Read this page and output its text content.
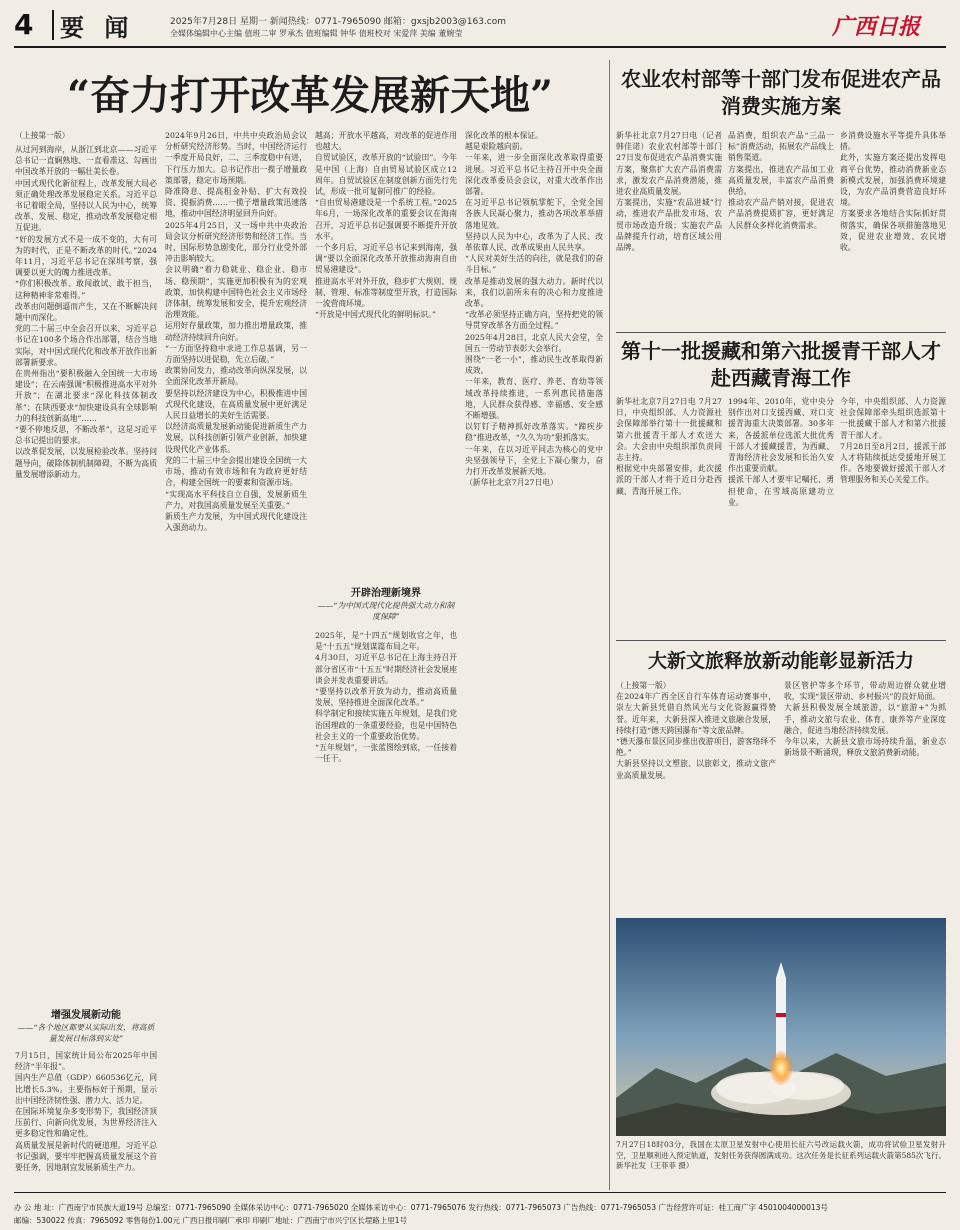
4	要 闻	2025年7月28日 星期一 新闻热线：0771-7965090 邮箱：gxsjb2003@163.com
全媒体编辑中心主编 值班二审 罗承杰 值班编辑 钟华 值班校对 宋爱萍 美编 董婉莹	广西日报
“奋力打开改革发展新天地”
（上接第一版）
从过河到海岸，从浙江到北京——习近平总书记一直娴熟地、一直看准这、勾画出中国改革开放的一幅壮美长卷。
中国式现代化新征程上，改革发展大局必须正确处理改革发展稳定关系。习近平总书记着眼全局，坚持以人民为中心，统筹改革、发展、稳定，推动改革发展稳定相互促进。
“好的发展方式不是一成不变的，大有可为的时代，正是不断改革的时代。”2024年11月，习近平总书记在深圳考察，强调要以更大的魄力推进改革。
“你们积极改革、敢闯敢试、敢于担当，这种精神非常难得。”
改革由问题倒逼而产生，又在不断解决问题中而深化。
党的二十届三中全会召开以来，习近平总书记在100多个场合作出部署，结合当地实际，对中国式现代化和改革开放作出新部署新要求。
在贵州指出“要积极融入全国统一大市场建设”；在云南强调“积极推进高水平对外开放”；在湖北要求“深化科技体制改革”；在陕西要求“加快建设具有全球影响力的科技创新高地”……
“要不停地反思，不断改革”，这是习近平总书记提出的要求。
以改革促发展，以发展检验改革。坚持问题导向，破除体制机制障碍，不断为高质量发展增添新动力。
增强发展新动能
——“各个地区都要从实际出发，将高质量发展目标落到实处”
7月15日，国家统计局公布2025年中国经济“半年报”。
国内生产总值（GDP）660536亿元，同比增长5.3%。主要指标好于预期，显示出中国经济韧性强、潜力大、活力足。
在国际环境复杂多变形势下，我国经济顶压前行、向新向优发展，为世界经济注入更多稳定性和确定性。
高质量发展是新时代的硬道理。习近平总书记强调，要牢牢把握高质量发展这个首要任务，因地制宜发展新质生产力。
2024年9月26日，中共中央政治局会议分析研究经济形势。当时，中国经济运行一季度开局良好，二、三季度稳中有进，下行压力加大。总书记作出一揽子增量政策部署，稳定市场预期。
降准降息、提高租金补贴、扩大有效投资、提振消费……一揽子增量政策迅速落地，推动中国经济明显回升向好。
2025年4月25日，又一场中共中央政治局会议分析研究经济形势和经济工作。当时，国际形势急剧变化，部分行业受外部冲击影响较大。
会议明确“着力稳就业、稳企业、稳市场、稳预期”，实施更加积极有为的宏观政策，加快构建中国特色社会主义市场经济体制，统筹发展和安全，提升宏观经济治理效能。
运用好存量政策，加力推出增量政策，推动经济持续回升向好。
“一方面坚持稳中求进工作总基调，另一方面坚持以进促稳，先立后破。”
政策协同发力，推动改革向纵深发展，以全面深化改革开新局。
要坚持以经济建设为中心，积极推进中国式现代化建设，在高质量发展中更好满足人民日益增长的美好生活需要。
以经济高质量发展新动能促进新质生产力发展，以科技创新引领产业创新，加快建设现代化产业体系。
党的二十届三中全会提出建设全国统一大市场，推动有效市场和有为政府更好结合，构建全国统一的要素和资源市场。
“实现高水平科技自立自强，发展新质生产力，对我国高质量发展至关重要。”
新质生产力发展，为中国式现代化建设注入强劲动力。
越高；开放水平越高，对改革的促进作用也越大。
自贸试验区，改革开放的“试验田”。今年是中国（上海）自由贸易试验区成立12周年。自贸试验区在制度创新方面先行先试，形成一批可复制可推广的经验。
“自由贸易港建设是一个系统工程。”2025年6月，一场深化改革的重要会议在海南召开，习近平总书记强调要不断提升开放水平。
一个多月后，习近平总书记来到海南，强调“要以全面深化改革开放推动海南自由贸易港建设”。
推进高水平对外开放，稳步扩大规则、规制、管理、标准等制度型开放，打造国际一流营商环境。
“开放是中国式现代化的鲜明标识。”
开辟治理新境界
——“为中国式现代化提供强大动力和制度保障”
2025年，是“十四五”规划收官之年，也是“十五五”规划谋篇布局之年。
4月30日，习近平总书记在上海主持召开部分省区市“十五五”时期经济社会发展座谈会并发表重要讲话。
“要坚持以改革开放为动力，推动高质量发展，坚持推进全面深化改革。”
科学制定和接续实施五年规划，是我们党治国理政的一条重要经验，也是中国特色社会主义的一个重要政治优势。
“五年规划”，一张蓝图绘到底，一任接着一任干。
深化改革的根本保证。
越是艰险越向前。
一年来，进一步全面深化改革取得重要进展。习近平总书记主持召开中央全面深化改革委员会会议，对重大改革作出部署。
在习近平总书记领航掌舵下，全党全国各族人民凝心聚力，推动各项改革举措落地见效。
坚持以人民为中心，改革为了人民、改革依靠人民、改革成果由人民共享。
“人民对美好生活的向往，就是我们的奋斗目标。”
改革是推动发展的强大动力。新时代以来，我们以前所未有的决心和力度推进改革。
“改革必须坚持正确方向，坚持把党的领导贯穿改革各方面全过程。”
2025年4月28日，北京人民大会堂，全国五一劳动节表彰大会举行。
围绕“一老一小”，推动民生改革取得新成效。
一年来，教育、医疗、养老、育幼等领域改革持续推进，一系列惠民措施落地，人民群众获得感、幸福感、安全感不断增强。
以钉钉子精神抓好改革落实。“蹄疾步稳”推进改革，“久久为功”狠抓落实。
一年来，在以习近平同志为核心的党中央坚强领导下，全党上下凝心聚力，奋力打开改革发展新天地。
（新华社北京7月27日电）
农业农村部等十部门发布促进农产品消费实施方案
新华社北京7月27日电（记者韩佳诺）农业农村部等十部门27日发布促进农产品消费实施方案，聚焦扩大农产品消费需求，激发农产品消费潜能，推进农业高质量发展。
方案提出，实施“农品进城”行动，推进农产品批发市场、农贸市场改造升级；实施农产品品牌提升行动，培育区域公用品牌。
品消费，组织农产品“三品一标”消费活动，拓展农产品线上销售渠道。
方案提出，推进农产品加工业高质量发展，丰富农产品消费供给。
推动农产品产销对接，促进农产品消费提质扩容，更好满足人民群众多样化消费需求。
乡消费设施水平等提升具体举措。
此外，实施方案还提出发挥电商平台优势，推动消费新业态新模式发展，加强消费环境建设，为农产品消费营造良好环境。
方案要求各地结合实际抓好贯彻落实，确保各项措施落地见效，促进农业增效、农民增收。
第十一批援藏和第六批援青干部人才赴西藏青海工作
新华社北京7月27日电 7月27日，中央组织部、人力资源社会保障部举行第十一批援藏和第六批援青干部人才欢送大会。大会由中央组织部负责同志主持。
根据党中央部署安排，此次援派的干部人才将于近日分赴西藏、青海开展工作。
1994年、2010年，党中央分别作出对口支援西藏、对口支援青海重大决策部署。30多年来，各援派单位选派大批优秀干部人才援藏援青，为西藏、青海经济社会发展和长治久安作出重要贡献。
援派干部人才要牢记嘱托、勇担使命，在雪域高原建功立业。
今年，中央组织部、人力资源社会保障部牵头组织选派第十一批援藏干部人才和第六批援青干部人才。
7月28日至8月2日，援派干部人才将陆续抵达受援地开展工作。各地要做好援派干部人才管理服务和关心关爱工作。
大新文旅释放新动能彰显新活力
（上接第一版）
在2024年广西全区自行车体育运动赛事中，崇左大新县凭借自然风光与文化资源赢得赞誉。近年来，大新县深入推进文旅融合发展，持续打造“德天跨国瀑布”等文旅品牌。
“德天瀑布景区同步推出夜游项目，游客络绎不绝。”
大新县坚持以文塑旅、以旅彰文，推动文旅产业高质量发展。
景区管护等多个环节，带动周边群众就业增收，实现“景区带动、乡村振兴”的良好局面。
大新县积极发展全域旅游，以“旅游+”为抓手，推动文旅与农业、体育、康养等产业深度融合，促进当地经济持续发展。
今年以来，大新县文旅市场持续升温，新业态新场景不断涌现，释放文旅消费新动能。
7月27日18时03分，我国在太原卫星发射中心使用长征六号改运载火箭，成功将试验卫星发射升空，卫星顺利进入预定轨道，发射任务获得圆满成功。这次任务是长征系列运载火箭第585次飞行。  新华社发（王菲菲 摄）
办 公 地 址：广西南宁市民族大道19号 总编室：0771-7965090 全媒体采访中心：0771-7965020 全媒体采访中心：0771-7965076 发行热线：0771-7965073 广告热线：0771-7965053 广告经营许可证：桂工商广字 4501004000013号
邮编：530022 传真：7965092 零售每份1.00元 广西日报印刷厂承印 印刷厂地址：广西南宁市兴宁区长堽路上里1号
